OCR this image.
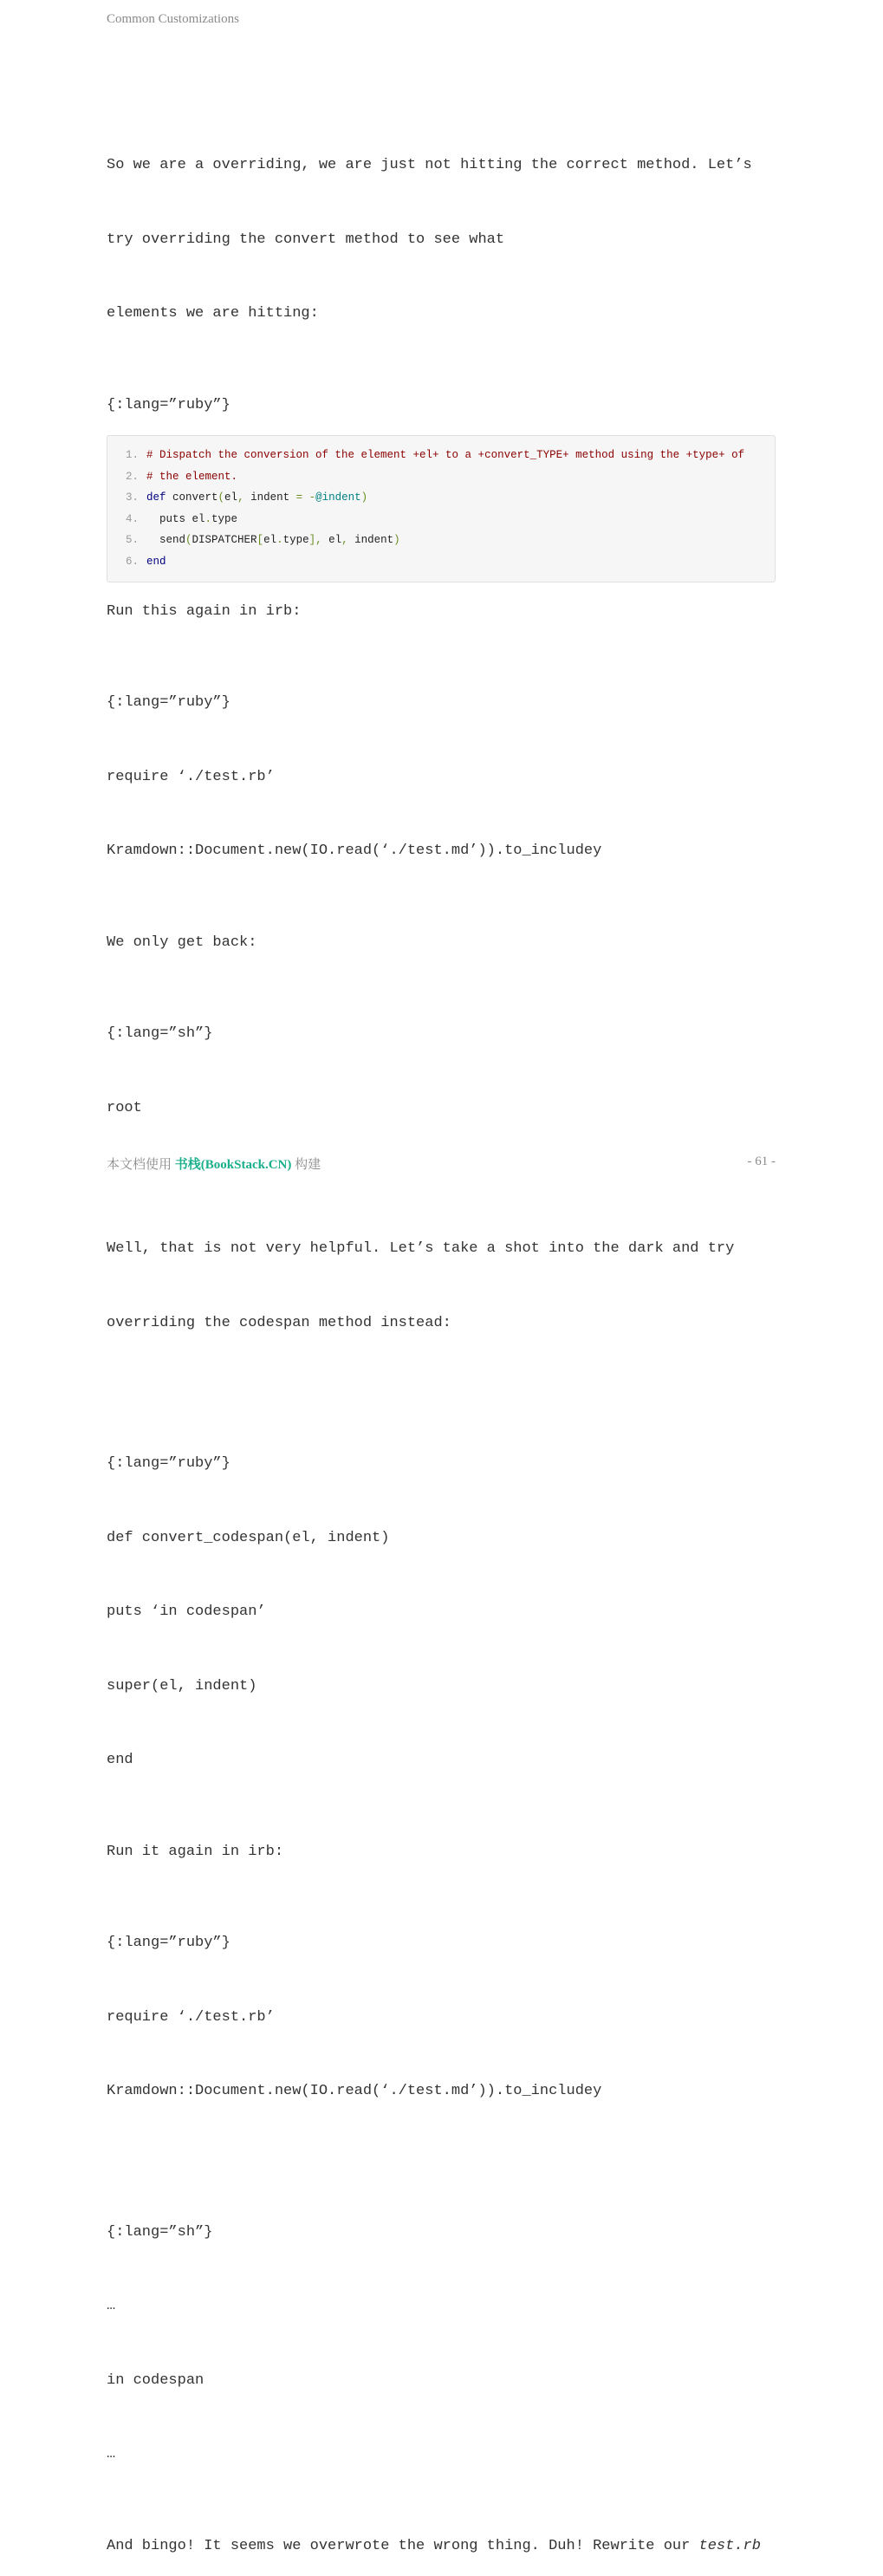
Common Customizations

So we are a overriding, we are just not hitting the correct method. Let’s

try overriding the convert method to see what

elements we are hitting:

{:lang=”ruby”}
1. # Dispatch the conversion of the element +el+ to a +convert_TYPE+ method using the +type+ of
2. # the element.
3. def convert(el, indent = -@indent)
4. puts el.type
5. send(DISPATCHER[el.type], el, indent)
6. end
Run this again in irb:

{:lang=”ruby”}

require ‘./test.rb’

Kramdown::Document.new(IO.read(‘./test.md’)).to_includey

We only get back:

{:lang=”sh”}

root

Well, that is not very helpful. Let’s take a shot into the dark and try

overriding the codespan method instead:

{:lang=”ruby”}

def convert_codespan(el, indent)

puts ‘in codespan’

super(el, indent)

end

Run it again in irb:

{:lang=”ruby”}

require ‘./test.rb’

Kramdown::Document.new(IO.read(‘./test.md’)).to_includey

{:lang=”sh”}

…

in codespan

…

And bingo! It seems we overwrote the wrong thing. Duh! Rewrite our test.rb
本文档使用 书栈(BookStack.CN) 构建	- 61 -
